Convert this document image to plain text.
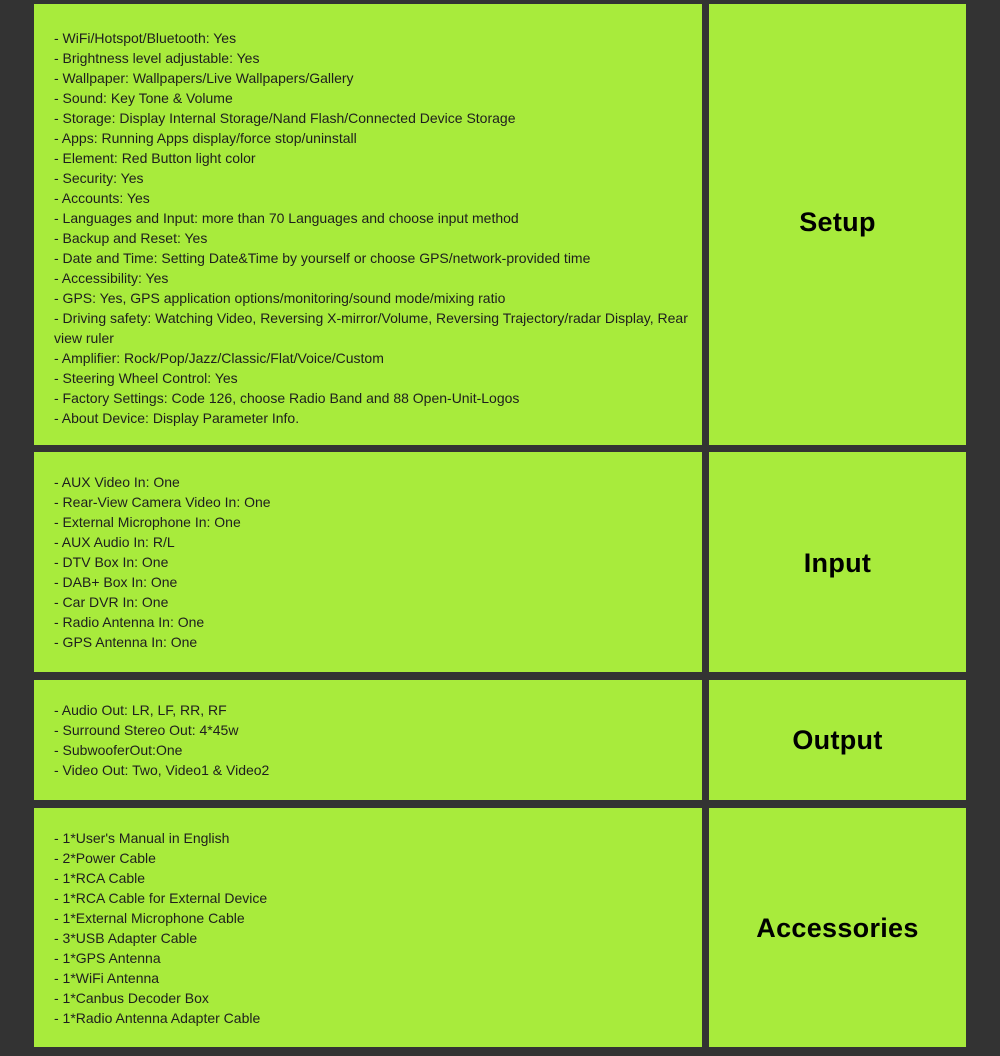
- WiFi/Hotspot/Bluetooth: Yes
- Brightness level adjustable: Yes
- Wallpaper: Wallpapers/Live Wallpapers/Gallery
- Sound: Key Tone & Volume
- Storage: Display Internal Storage/Nand Flash/Connected Device Storage
- Apps: Running Apps display/force stop/uninstall
- Element: Red Button light color
- Security: Yes
- Accounts: Yes
- Languages and Input: more than 70 Languages and choose input method
- Backup and Reset: Yes
- Date and Time: Setting Date&Time by yourself or choose GPS/network-provided time
- Accessibility: Yes
- GPS: Yes, GPS application options/monitoring/sound mode/mixing ratio
- Driving safety: Watching Video, Reversing X-mirror/Volume, Reversing Trajectory/radar Display, Rear view ruler
- Amplifier: Rock/Pop/Jazz/Classic/Flat/Voice/Custom
- Steering Wheel Control: Yes
- Factory Settings: Code 126, choose Radio Band and 88 Open-Unit-Logos
- About Device: Display Parameter Info.
Setup
- AUX Video In: One
- Rear-View Camera Video In: One
- External Microphone In: One
- AUX Audio In: R/L
- DTV Box In: One
- DAB+ Box In: One
- Car DVR In: One
- Radio Antenna In: One
- GPS Antenna In: One
Input
- Audio Out: LR, LF, RR, RF
- Surround Stereo Out: 4*45w
- SubwooferOut:One
- Video Out: Two, Video1 & Video2
Output
- 1*User's Manual in English
- 2*Power Cable
- 1*RCA Cable
- 1*RCA Cable for External Device
- 1*External Microphone Cable
- 3*USB Adapter Cable
- 1*GPS Antenna
- 1*WiFi Antenna
- 1*Canbus Decoder Box
- 1*Radio Antenna Adapter Cable
Accessories
